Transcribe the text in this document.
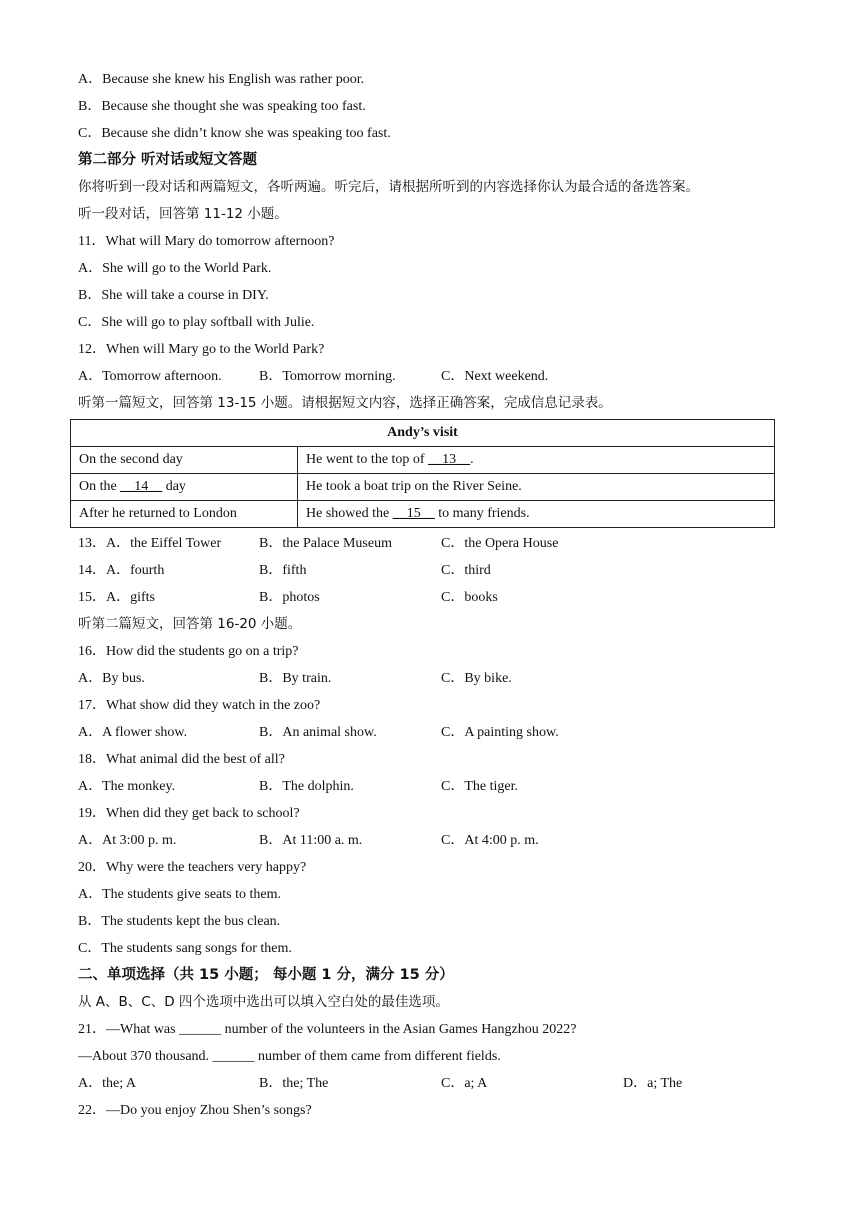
A．Because she knew his English was rather poor.
B．Because she thought she was speaking too fast.
C．Because she didn’t know she was speaking too fast.
第二部分 听对话或短文答题
你将听到一段对话和两篇短文，各听两遍。听完后，请根据所听到的内容选择你认为最合适的备选答案。
听一段对话，回答第 11-12 小题。
11．What will Mary do tomorrow afternoon?
A．She will go to the World Park.
B．She will take a course in DIY.
C．She will go to play softball with Julie.
12．When will Mary go to the World Park?
A．Tomorrow afternoon.	B．Tomorrow morning.	C．Next weekend.
听第一篇短文，回答第 13-15 小题。请根据短文内容，选择正确答案，完成信息记录表。
Andy’s visit	
On the second day	He went to the top of __13__.
On the __14__ day	He took a boat trip on the River Seine.
After he returned to London	He showed the __15__ to many friends.
13．A．the Eiffel Tower	B．the Palace Museum	C．the Opera House
14．A．fourth	B．fifth	C．third
15．A．gifts	B．photos	C．books
听第二篇短文，回答第 16-20 小题。
16．How did the students go on a trip?
A．By bus.	B．By train.	C．By bike.
17．What show did they watch in the zoo?
A．A flower show.	B．An animal show.	C．A painting show.
18．What animal did the best of all?
A．The monkey.	B．The dolphin.	C．The tiger.
19．When did they get back to school?
A．At 3:00 p. m.	B．At 11:00 a. m.	C．At 4:00 p. m.
20．Why were the teachers very happy?
A．The students give seats to them.
B．The students kept the bus clean.
C．The students sang songs for them.
二、单项选择（共 15 小题； 每小题 1 分，满分 15 分）
从 A、B、C、D 四个选项中选出可以填入空白处的最佳选项。
21．—What was ______ number of the volunteers in the Asian Games Hangzhou 2022?
—About 370 thousand. ______ number of them came from different fields.
A．the; A	B．the; The	C．a; A	D．a; The
22．—Do you enjoy Zhou Shen’s songs?
